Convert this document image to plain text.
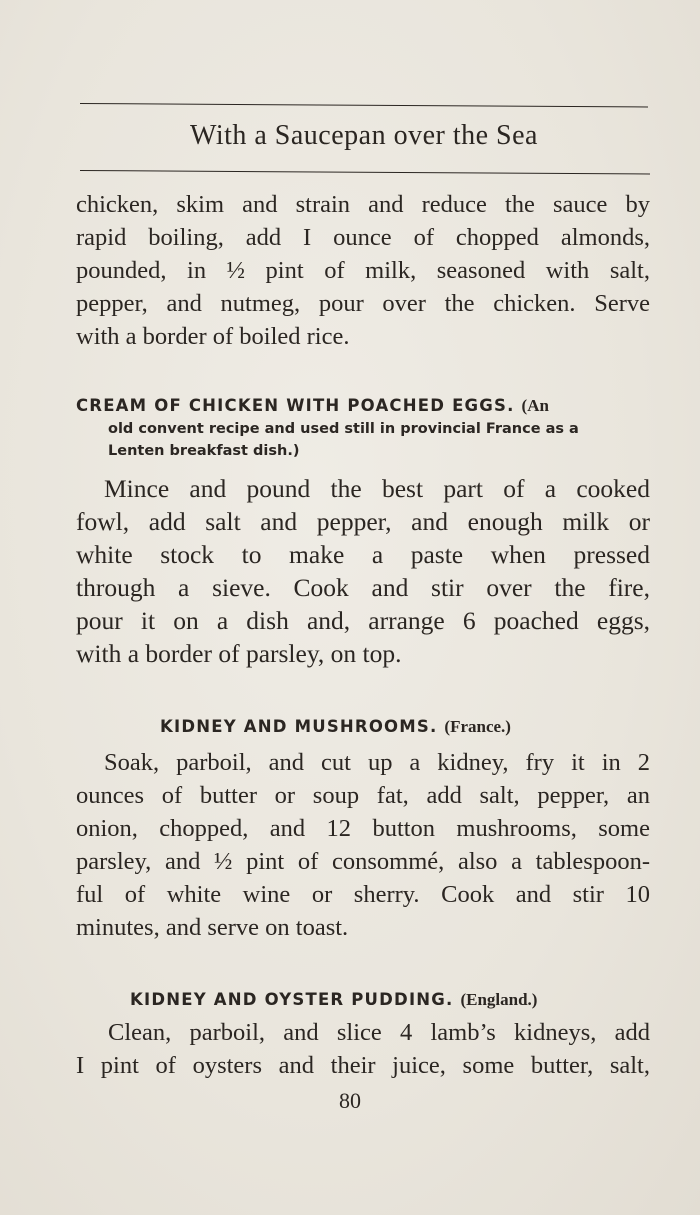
With a Saucepan over the Sea
chicken, skim and strain and reduce the sauce by
rapid boiling, add I ounce of chopped almonds,
pounded, in ½ pint of milk, seasoned with salt,
pepper, and nutmeg, pour over the chicken. Serve
with a border of boiled rice.
CREAM OF CHICKEN WITH POACHED EGGS. (An
old convent recipe and used still in provincial France as a
Lenten breakfast dish.)
Mince and pound the best part of a cooked
fowl, add salt and pepper, and enough milk or
white stock to make a paste when pressed
through a sieve. Cook and stir over the fire,
pour it on a dish and, arrange 6 poached eggs,
with a border of parsley, on top.
KIDNEY AND MUSHROOMS. (France.)
Soak, parboil, and cut up a kidney, fry it in 2
ounces of butter or soup fat, add salt, pepper, an
onion, chopped, and 12 button mushrooms, some
parsley, and ½ pint of consommé, also a tablespoon-
ful of white wine or sherry. Cook and stir 10
minutes, and serve on toast.
KIDNEY AND OYSTER PUDDING. (England.)
Clean, parboil, and slice 4 lamb’s kidneys, add
I pint of oysters and their juice, some butter, salt,
80
